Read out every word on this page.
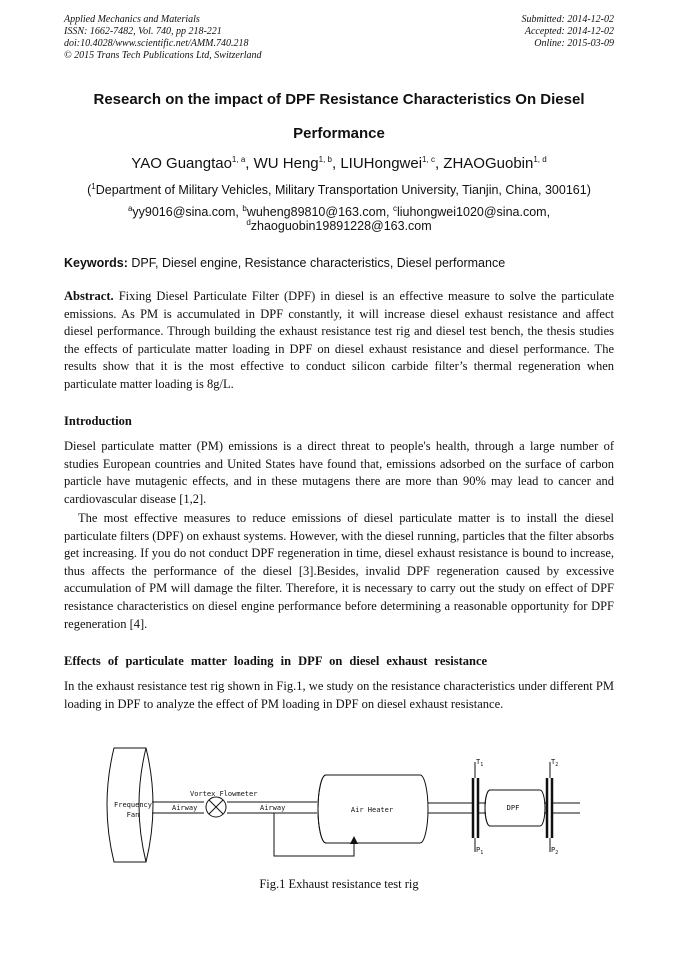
Applied Mechanics and Materials
ISSN: 1662-7482, Vol. 740, pp 218-221
doi:10.4028/www.scientific.net/AMM.740.218
© 2015 Trans Tech Publications Ltd, Switzerland
Submitted: 2014-12-02
Accepted: 2014-12-02
Online: 2015-03-09
Research on the impact of DPF Resistance Characteristics On Diesel
Performance
YAO Guangtao$^{1, a}$, WU Heng$^{1, b}$, LIUHongwei$^{1, c}$, ZHAOGuobin$^{1, d}$
($^1$Department of Military Vehicles, Military Transportation University, Tianjin, China, 300161)
$^a$yy9016@sina.com, $^b$wuheng89810@163.com, $^c$liuhongwei1020@sina.com,
$^d$zhaoguobin19891228@163.com
Keywords: DPF, Diesel engine, Resistance characteristics, Diesel performance
Abstract. Fixing Diesel Particulate Filter (DPF) in diesel is an effective measure to solve the particulate emissions. As PM is accumulated in DPF constantly, it will increase diesel exhaust resistance and affect diesel performance. Through building the exhaust resistance test rig and diesel test bench, the thesis studies the effects of particulate matter loading in DPF on diesel exhaust resistance and diesel performance. The results show that it is the most effective to conduct silicon carbide filter’s thermal regeneration when particulate matter loading is 8g/L.
Introduction
Diesel particulate matter (PM) emissions is a direct threat to people's health, through a large number of studies European countries and United States have found that, emissions adsorbed on the surface of carbon particle have mutagenic effects, and in these mutagens there are more than 90% may lead to cancer and cardiovascular disease [1,2].
The most effective measures to reduce emissions of diesel particulate matter is to install the diesel particulate filters (DPF) on exhaust systems. However, with the diesel running, particles that the filter absorbs get increasing. If you do not conduct DPF regeneration in time, diesel exhaust resistance is bound to increase, thus affects the performance of the diesel [3].Besides, invalid DPF regeneration caused by excessive accumulation of PM will damage the filter. Therefore, it is necessary to carry out the study on effect of DPF resistance characteristics on diesel engine performance before determining a reasonable opportunity for DPF regeneration [4].
Effects of particulate matter loading in DPF on diesel exhaust resistance
In the exhaust resistance test rig shown in Fig.1, we study on the resistance characteristics under different PM loading in DPF to analyze the effect of PM loading in DPF on diesel exhaust resistance.
Frequency
Fan
Airway
Vortex Flowmeter
Airway	Air Heater
$T_1$	$T_2$
$P_1$	$P_2$
DPF
Fig.1 Exhaust resistance test rig
